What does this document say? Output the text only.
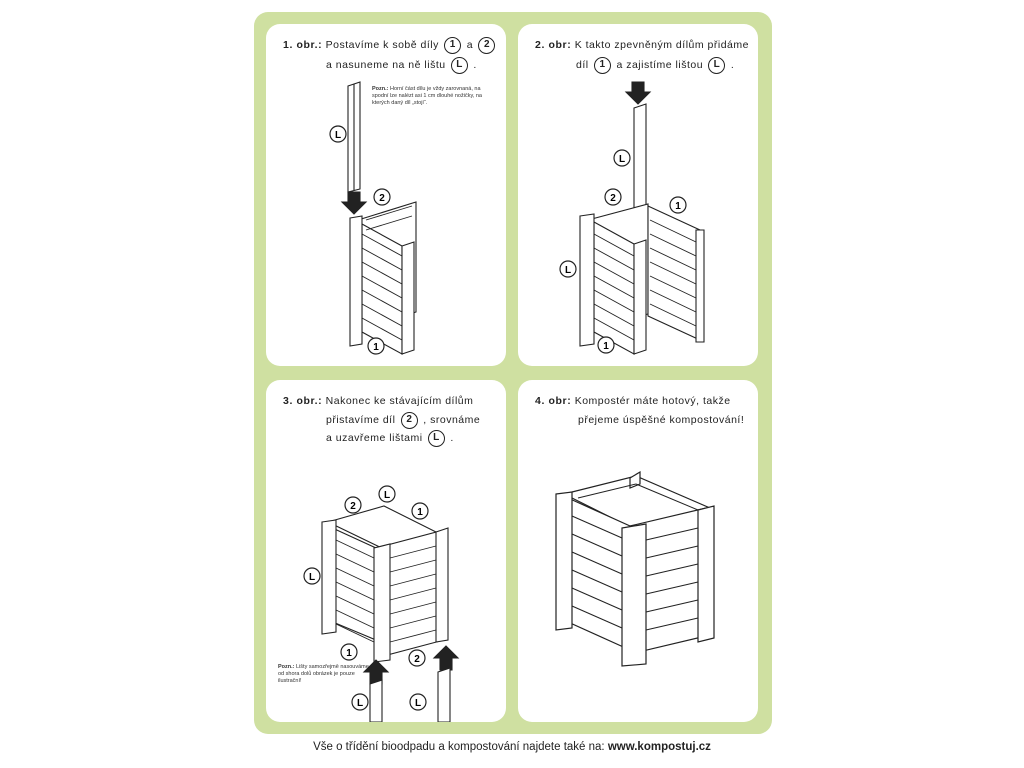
1. obr.: Postavíme k sobě díly 1 a 2
a nasuneme na ně lištu L .
Pozn.: Horní část dílu je vždy zarovnaná, na spodní lze nalézt asi 1 cm dlouhé nožičky, na kterých daný díl „stojí“.
L
2
1
2. obr: K takto zpevněným dílům přidáme
díl 1 a zajistíme lištou L .
L
2
1
L
1
3. obr.: Nakonec ke stávajícím dílům
přistavíme díl 2 , srovnáme
a uzavřeme lištami L .
Pozn.: Lišty samozřejmě nasouváme od shora dolů obrázek je pouze ilustrační!
L
2
1
L
1
2
L	L
4. obr: Kompostér máte hotový, takže
přejeme úspěšné kompostování!
Vše o třídění bioodpadu a kompostování najdete také na: www.kompostuj.cz
